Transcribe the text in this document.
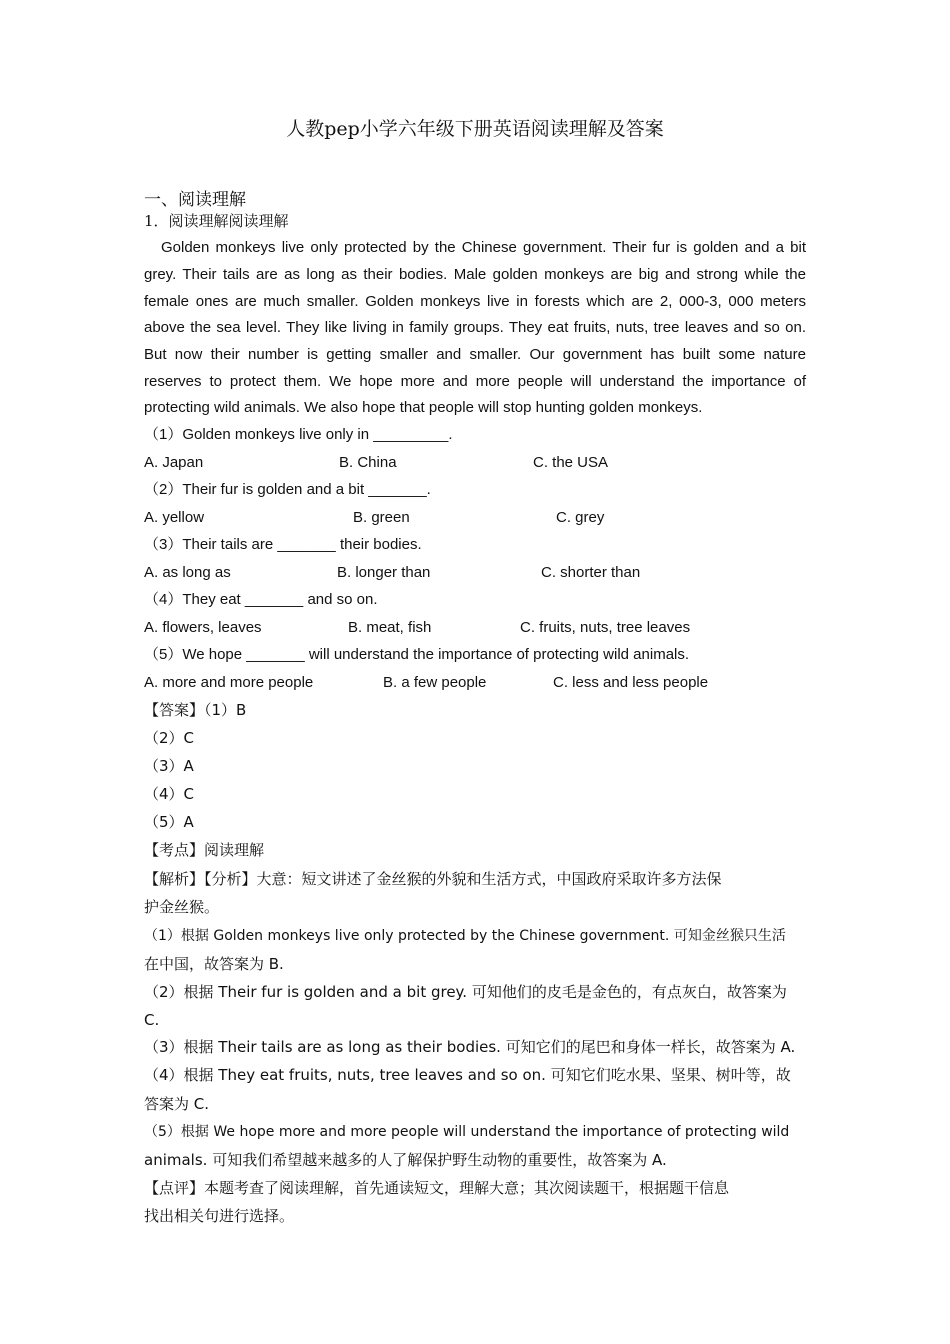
人教pep小学六年级下册英语阅读理解及答案
一、阅读理解
1．阅读理解阅读理解
　Golden monkeys live only protected by the Chinese government. Their fur is golden and a bit
grey. Their tails are as long as their bodies. Male golden monkeys are big and strong while the
female ones are much smaller. Golden monkeys live in forests which are 2, 000-3, 000 meters
above the sea level. They like living in family groups. They eat fruits, nuts, tree leaves and so on.
But now their number is getting smaller and smaller. Our government has built some nature
reserves to protect them. We hope more and more people will understand the importance of
protecting wild animals. We also hope that people will stop hunting golden monkeys.
（1）Golden monkeys live only in _________.
A. Japan	B. China	C. the USA
（2）Their fur is golden and a bit _______.
A. yellow	B. green	C. grey
（3）Their tails are _______ their bodies.
A. as long as	B. longer than	C. shorter than
（4）They eat _______ and so on.
A. flowers, leaves	B. meat, fish	C. fruits, nuts, tree leaves
（5）We hope _______ will understand the importance of protecting wild animals.
A. more and more people	B. a few people	C. less and less people
【答案】（1）B
（2）C
（3）A
（4）C
（5）A
【考点】阅读理解
【解析】【分析】大意：短文讲述了金丝猴的外貌和生活方式，中国政府采取许多方法保
护金丝猴。
（1）根据 Golden monkeys live only protected by the Chinese government. 可知金丝猴只生活
在中国，故答案为 B.
（2）根据 Their fur is golden and a bit grey. 可知他们的皮毛是金色的，有点灰白，故答案为
C.
（3）根据 Their tails are as long as their bodies. 可知它们的尾巴和身体一样长，故答案为 A.
（4）根据 They eat fruits, nuts, tree leaves and so on. 可知它们吃水果、坚果、树叶等，故
答案为 C.
（5）根据 We hope more and more people will understand the importance of protecting wild
animals. 可知我们希望越来越多的人了解保护野生动物的重要性，故答案为 A.
【点评】本题考查了阅读理解，首先通读短文，理解大意；其次阅读题干，根据题干信息
找出相关句进行选择。
